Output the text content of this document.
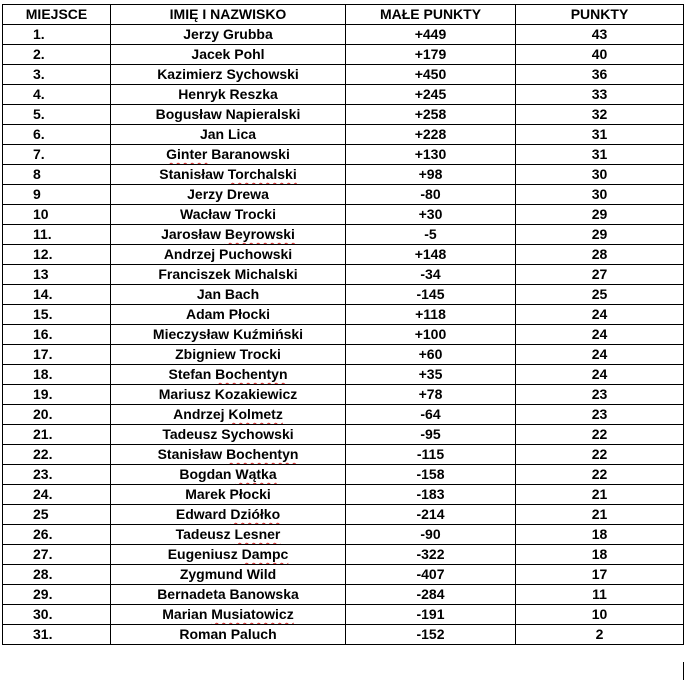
MIEJSCE	IMIĘ I NAZWISKO	MAŁE PUNKTY	PUNKTY
1.	Jerzy Grubba	+449	43
2.	Jacek Pohl	+179	40
3.	Kazimierz Sychowski	+450	36
4.	Henryk Reszka	+245	33
5.	Bogusław Napieralski	+258	32
6.	Jan Lica	+228	31
7.	Ginter Baranowski	+130	31
8	Stanisław Torchalski	+98	30
9	Jerzy Drewa	-80	30
10	Wacław Trocki	+30	29
11.	Jarosław Beyrowski	-5	29
12.	Andrzej Puchowski	+148	28
13	Franciszek Michalski	-34	27
14.	Jan Bach	-145	25
15.	Adam Płocki	+118	24
16.	Mieczysław Kuźmiński	+100	24
17.	Zbigniew Trocki	+60	24
18.	Stefan Bochentyn	+35	24
19.	Mariusz Kozakiewicz	+78	23
20.	Andrzej Kolmetz	-64	23
21.	Tadeusz Sychowski	-95	22
22.	Stanisław Bochentyn	-115	22
23.	Bogdan Wątka	-158	22
24.	Marek Płocki	-183	21
25	Edward Dziółko	-214	21
26.	Tadeusz Lesner	-90	18
27.	Eugeniusz Dampc	-322	18
28.	Zygmund Wild	-407	17
29.	Bernadeta Banowska	-284	11
30.	Marian Musiatowicz	-191	10
31.	Roman Paluch	-152	2
